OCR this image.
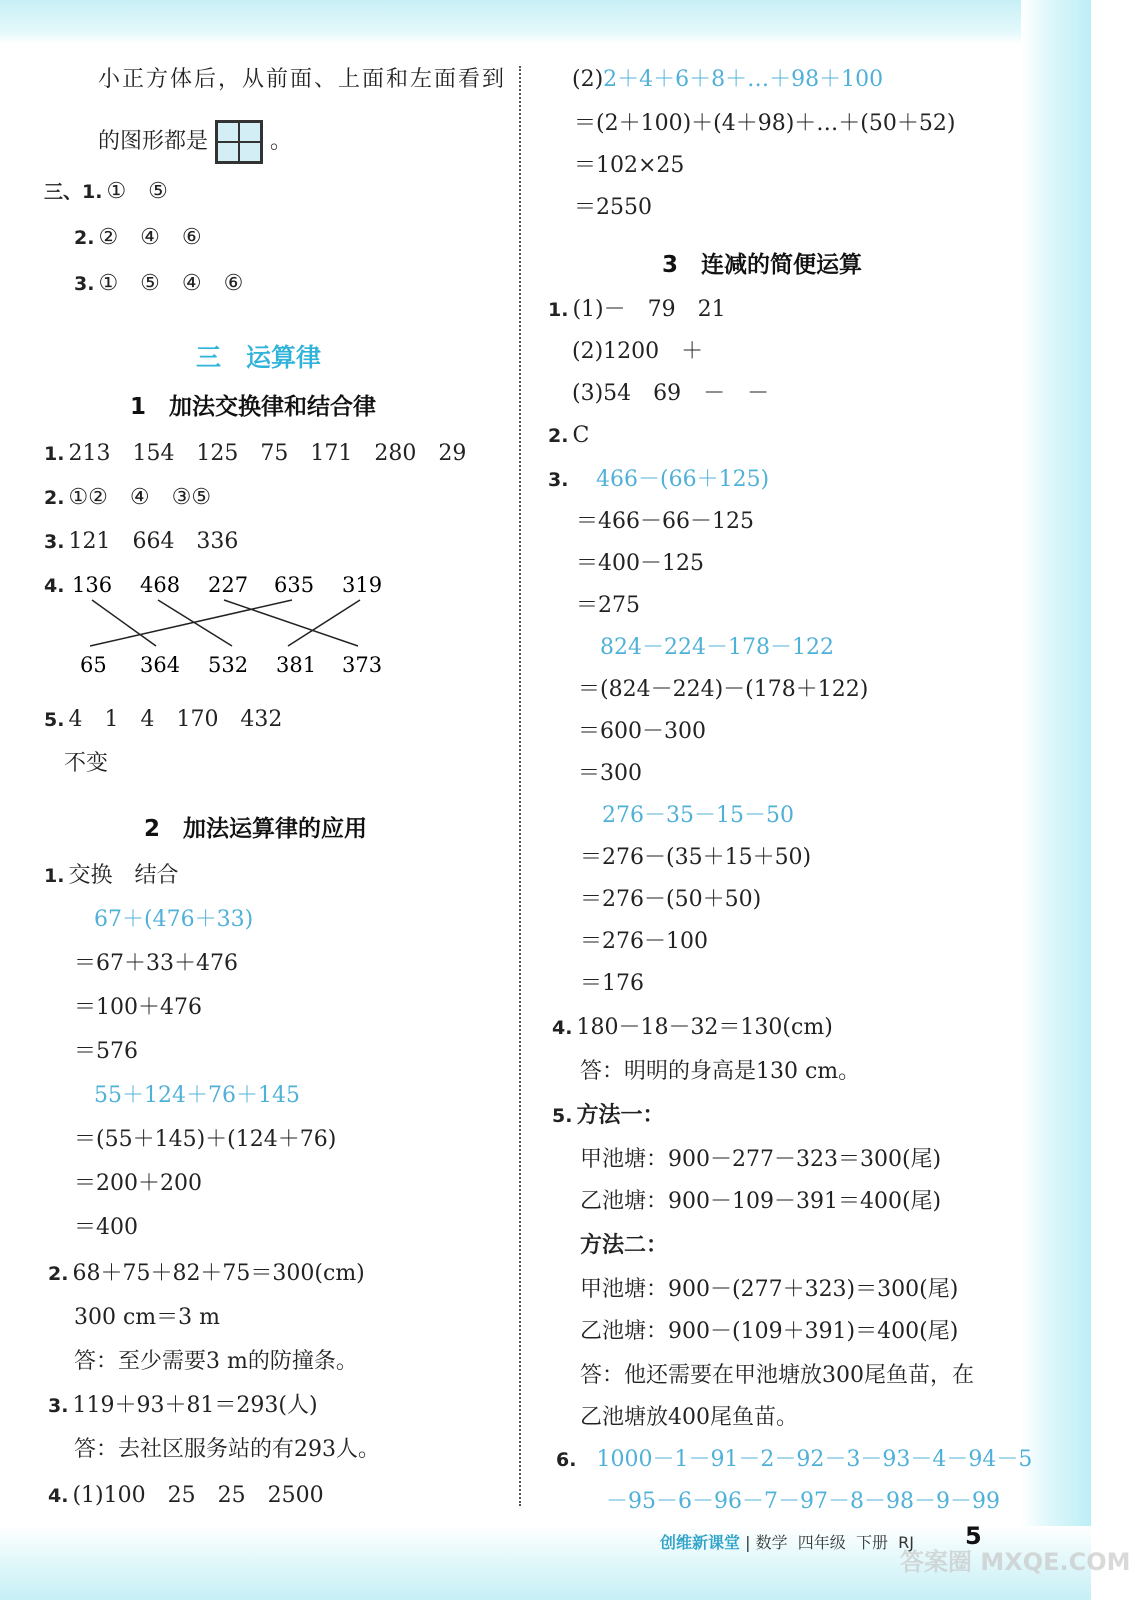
小正方体后，从前面、上面和左面看到
的图形都是	。
三、1. ①　⑤
2. ②　④　⑥
3. ①　⑤　④　⑥
三　运算律
1　加法交换律和结合律
1. 213　154　125　75　171　280　29
2. ①②　④　③⑤
3. 121　664　336
4. 136 468 227 635 319
65 364 532 381 373
5. 4　1　4　170　432
不变
2　加法运算律的应用
1. 交换　结合
67＋(476＋33)
＝67＋33＋476
＝100＋476
＝576
55＋124＋76＋145
＝(55＋145)＋(124＋76)
＝200＋200
＝400
2. 68＋75＋82＋75＝300(cm)
300 cm＝3 m
答：至少需要3 m的防撞条。
3. 119＋93＋81＝293(人)
答：去社区服务站的有293人。
4. (1)100　25　25　2500
(2)2＋4＋6＋8＋…＋98＋100
＝(2＋100)＋(4＋98)＋…＋(50＋52)
＝102×25
＝2550
3　连减的简便运算
1. (1)－　79　21
(2)1200　＋
(3)54　69　－　－
2. C
3. 466－(66＋125)
＝466－66－125
＝400－125
＝275
824－224－178－122
＝(824－224)－(178＋122)
＝600－300
＝300
276－35－15－50
＝276－(35＋15＋50)
＝276－(50＋50)
＝276－100
＝176
4. 180－18－32＝130(cm)
答：明明的身高是130 cm。
5. 方法一：
甲池塘：900－277－323＝300(尾)
乙池塘：900－109－391＝400(尾)
方法二：
甲池塘：900－(277＋323)＝300(尾)
乙池塘：900－(109＋391)＝400(尾)
答：他还需要在甲池塘放300尾鱼苗，在
乙池塘放400尾鱼苗。
6. 1000－1－91－2－92－3－93－4－94－5
－95－6－96－7－97－8－98－9－99
创维新课堂 | 数学 四年级 下册 RJ 5
答案圈 MXQE.COM
